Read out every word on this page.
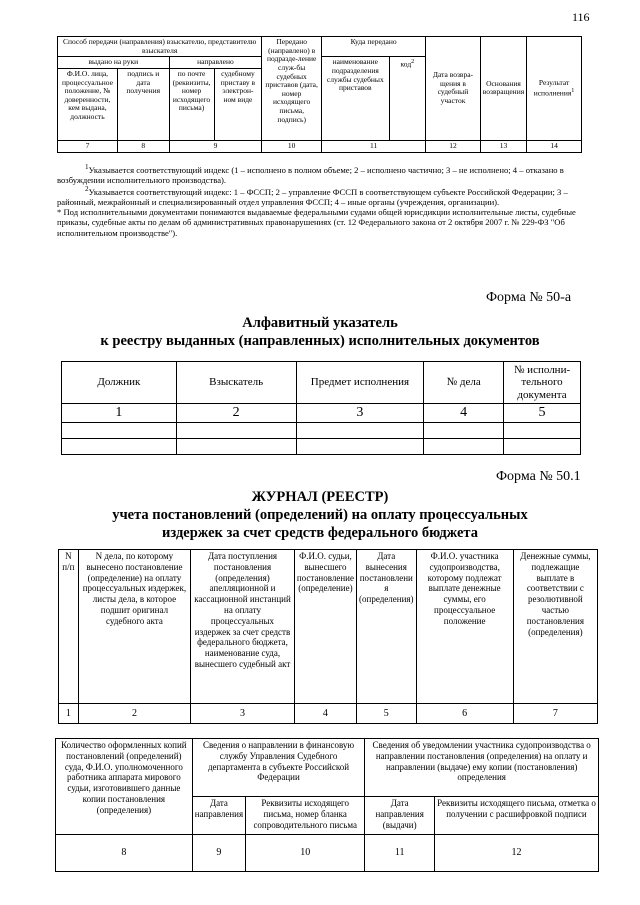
116
Способ передачи (направления) взыскателю, представителю взыскателя				Передано (направлено) в подразде-ление служ-бы судебных приставов (дата, номер исходящего письма, подпись)	Куда передано		Дата возвра-щения в судебный участок	Основания возвращения	Результат исполнения$^1$
выдано на руки		направлено			наименование подразделения службы судебных приставов	код$^2$
Ф.И.О. лица, процессуальное положение, № доверенности, кем выдана, должность	подпись и дата получения	по почте (реквизиты, номер исходящего письма)	судебному приставу в электрон-ном виде						
7	8	9		10	11		12	13	14

$^1$Указывается соответствующий индекс (1 – исполнено в полном объеме; 2 – исполнено частично; 3 – не исполнено; 4 – отказано в возбуждении исполнительного производства).

$^2$Указывается соответствующий индекс: 1 – ФССП; 2 – управление ФССП в соответствующем субъекте Российской Федерации; 3 – районный, межрайонный и специализированный отдел управления ФССП; 4 – иные органы (учреждения, организации).

* Под исполнительными документами понимаются выдаваемые федеральными судами общей юрисдикции исполнительные листы, судебные приказы, судебные акты по делам об административных правонарушениях (ст. 12 Федерального закона от 2 октября 2007 г. № 229-ФЗ "Об исполнительном производстве").

Форма № 50-а
Алфавитный указатель
к реестру выданных (направленных) исполнительных документов
Должник	Взыскатель	Предмет исполнения	№ дела	№ исполни-тельного документа
1	2	3	4	5

Форма № 50.1
ЖУРНАЛ (РЕЕСТР)
учета постановлений (определений) на оплату процессуальных
издержек за счет средств федерального бюджета
N п/п	N дела, по которому вынесено постановление (определение) на оплату процессуальных издержек, листы дела, в которое подшит оригинал судебного акта	Дата поступления постановления (определения) апелляционной и кассационной инстанций на оплату процессуальных издержек за счет средств федерального бюджета, наименование суда, вынесшего судебный акт	Ф.И.О. судьи, вынесшего постановление (определение)	Дата вынесения постановлени я (определения)	Ф.И.О. участника судопроизводства, которому подлежат выплате денежные суммы, его процессуальное положение	Денежные суммы, подлежащие выплате в соответствии с резолютивной частью постановления (определения)
1	2	3	4	5	6	7
Количество оформленных копий постановлений (определений) суда, Ф.И.О. уполномоченного работника аппарата мирового судьи, изготовившего данные копии постановления (определения)	Сведения о направлении в финансовую службу Управления Судебного департамента в субъекте Российской Федерации		Сведения об уведомлении участника судопроизводства о направлении постановления (определения) на оплату и направлении (выдаче) ему копии (постановления) определения	
	Дата направления	Реквизиты исходящего письма, номер бланка сопроводительного письма	Дата направления (выдачи)	Реквизиты исходящего письма, отметка о получении с расшифровкой подписи
8	9	10	11	12
